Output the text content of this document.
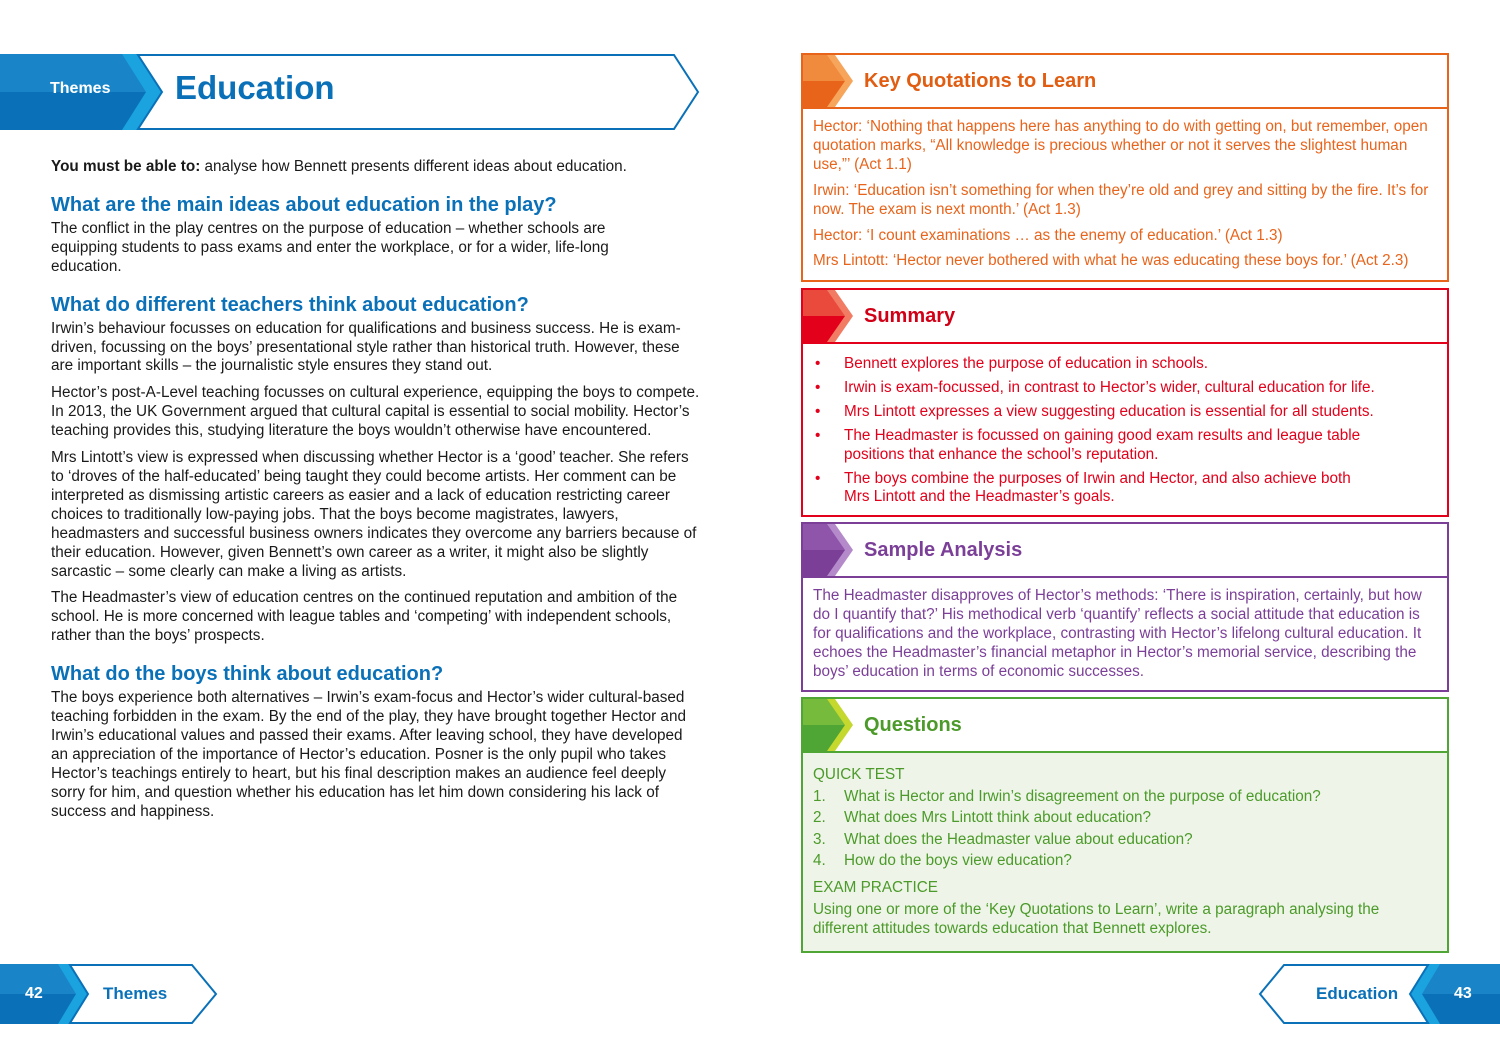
Themes Education

You must be able to: analyse how Bennett presents different ideas about education.

What are the main ideas about education in the play?

The conflict in the play centres on the purpose of education – whether schools are equipping students to pass exams and enter the workplace, or for a wider, life-long education.

What do different teachers think about education?

Irwin’s behaviour focusses on education for qualifications and business success. He is exam-driven, focussing on the boys’ presentational style rather than historical truth. However, these are important skills – the journalistic style ensures they stand out.

Hector’s post-A-Level teaching focusses on cultural experience, equipping the boys to compete. In 2013, the UK Government argued that cultural capital is essential to social mobility. Hector’s teaching provides this, studying literature the boys wouldn’t otherwise have encountered.

Mrs Lintott’s view is expressed when discussing whether Hector is a ‘good’ teacher. She refers to ‘droves of the half-educated’ being taught they could become artists. Her comment can be interpreted as dismissing artistic careers as easier and a lack of education restricting career choices to traditionally low-paying jobs. That the boys become magistrates, lawyers, headmasters and successful business owners indicates they overcome any barriers because of their education. However, given Bennett’s own career as a writer, it might also be slightly sarcastic – some clearly can make a living as artists.

The Headmaster’s view of education centres on the continued reputation and ambition of the school. He is more concerned with league tables and ‘competing’ with independent schools, rather than the boys’ prospects.

What do the boys think about education?

The boys experience both alternatives – Irwin’s exam-focus and Hector’s wider cultural-based teaching forbidden in the exam. By the end of the play, they have brought together Hector and Irwin’s educational values and passed their exams. After leaving school, they have developed an appreciation of the importance of Hector’s education. Posner is the only pupil who takes Hector’s teachings entirely to heart, but his final description makes an audience feel deeply sorry for him, and question whether his education has let him down considering his lack of success and happiness.

Key Quotations to Learn

Hector: ‘Nothing that happens here has anything to do with getting on, but remember, open quotation marks, “All knowledge is precious whether or not it serves the slightest human use,”’ (Act 1.1)

Irwin: ‘Education isn’t something for when they’re old and grey and sitting by the fire. It’s for now. The exam is next month.’ (Act 1.3)

Hector: ‘I count examinations … as the enemy of education.’ (Act 1.3)

Mrs Lintott: ‘Hector never bothered with what he was educating these boys for.’ (Act 2.3)

Summary
• Bennett explores the purpose of education in schools.
• Irwin is exam-focussed, in contrast to Hector’s wider, cultural education for life.
• Mrs Lintott expresses a view suggesting education is essential for all students.
• The Headmaster is focussed on gaining good exam results and league table positions that enhance the school’s reputation.
• The boys combine the purposes of Irwin and Hector, and also achieve both Mrs Lintott and the Headmaster’s goals.
Sample Analysis

The Headmaster disapproves of Hector’s methods: ‘There is inspiration, certainly, but how do I quantify that?’ His methodical verb ‘quantify’ reflects a social attitude that education is for qualifications and the workplace, contrasting with Hector’s lifelong cultural education. It echoes the Headmaster’s financial metaphor in Hector’s memorial service, describing the boys’ education in terms of economic successes.

Questions

QUICK TEST

1. What is Hector and Irwin’s disagreement on the purpose of education?
2. What does Mrs Lintott think about education?
3. What does the Headmaster value about education?
4. How do the boys view education?

EXAM PRACTICE

Using one or more of the ‘Key Quotations to Learn’, write a paragraph analysing the different attitudes towards education that Bennett explores.

42	Themes	Education	43
